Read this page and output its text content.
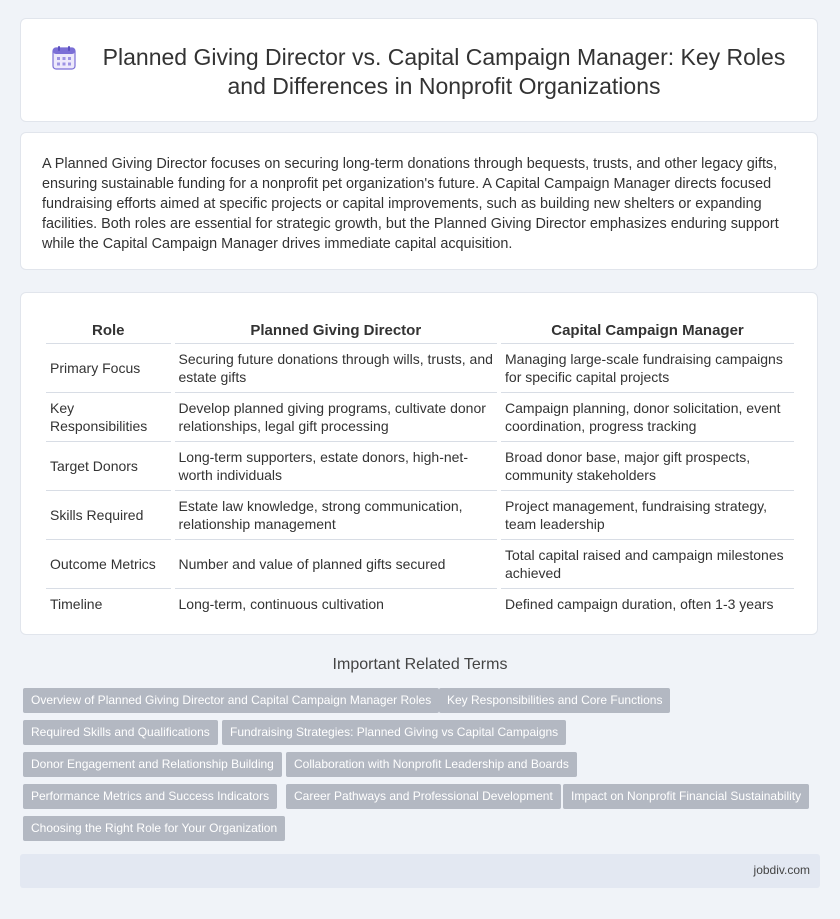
Planned Giving Director vs. Capital Campaign Manager: Key Roles and Differences in Nonprofit Organizations
A Planned Giving Director focuses on securing long-term donations through bequests, trusts, and other legacy gifts, ensuring sustainable funding for a nonprofit pet organization's future. A Capital Campaign Manager directs focused fundraising efforts aimed at specific projects or capital improvements, such as building new shelters or expanding facilities. Both roles are essential for strategic growth, but the Planned Giving Director emphasizes enduring support while the Capital Campaign Manager drives immediate capital acquisition.
Role	Planned Giving Director	Capital Campaign Manager
Primary Focus	Securing future donations through wills, trusts, and estate gifts	Managing large-scale fundraising campaigns for specific capital projects
Key Responsibilities	Develop planned giving programs, cultivate donor relationships, legal gift processing	Campaign planning, donor solicitation, event coordination, progress tracking
Target Donors	Long-term supporters, estate donors, high-net-worth individuals	Broad donor base, major gift prospects, community stakeholders
Skills Required	Estate law knowledge, strong communication, relationship management	Project management, fundraising strategy, team leadership
Outcome Metrics	Number and value of planned gifts secured	Total capital raised and campaign milestones achieved
Timeline	Long-term, continuous cultivation	Defined campaign duration, often 1-3 years
Important Related Terms
Overview of Planned Giving Director and Capital Campaign Manager Roles	Key Responsibilities and Core Functions
Required Skills and Qualifications	Fundraising Strategies: Planned Giving vs Capital Campaigns
Donor Engagement and Relationship Building	Collaboration with Nonprofit Leadership and Boards
Performance Metrics and Success Indicators	Career Pathways and Professional Development	Impact on Nonprofit Financial Sustainability
Choosing the Right Role for Your Organization
jobdiv.com
